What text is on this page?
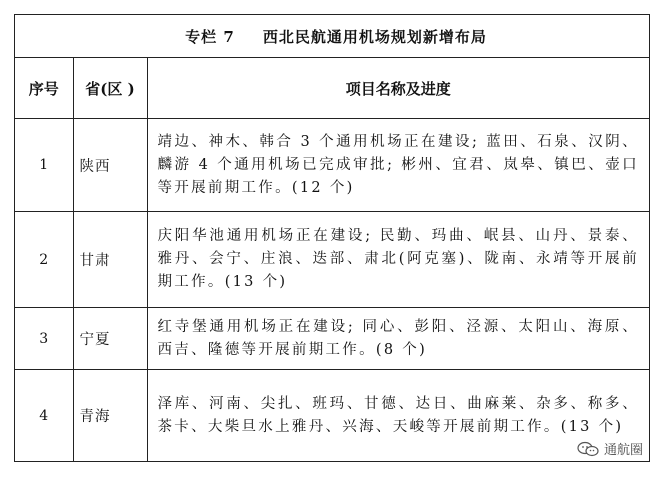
专栏 7 西北民航通用机场规划新增布局
序号	省(区 )	项目名称及进度
1	陕西	靖边、神木、韩合 3 个通用机场正在建设; 蓝田、石泉、汉阴、麟游 4 个通用机场已完成审批; 彬州、宜君、岚皋、镇巴、壶口等开展前期工作。(12 个)
2	甘肃	庆阳华池通用机场正在建设; 民勤、玛曲、岷县、山丹、景泰、雅丹、会宁、庄浪、迭部、肃北(阿克塞)、陇南、永靖等开展前期工作。(13 个)
3	宁夏	红寺堡通用机场正在建设; 同心、彭阳、泾源、太阳山、海原、西吉、隆德等开展前期工作。(8 个)
4	青海	泽库、河南、尖扎、班玛、甘德、达日、曲麻莱、杂多、称多、茶卡、大柴旦水上雅丹、兴海、天峻等开展前期工作。(13 个)
通航圈
